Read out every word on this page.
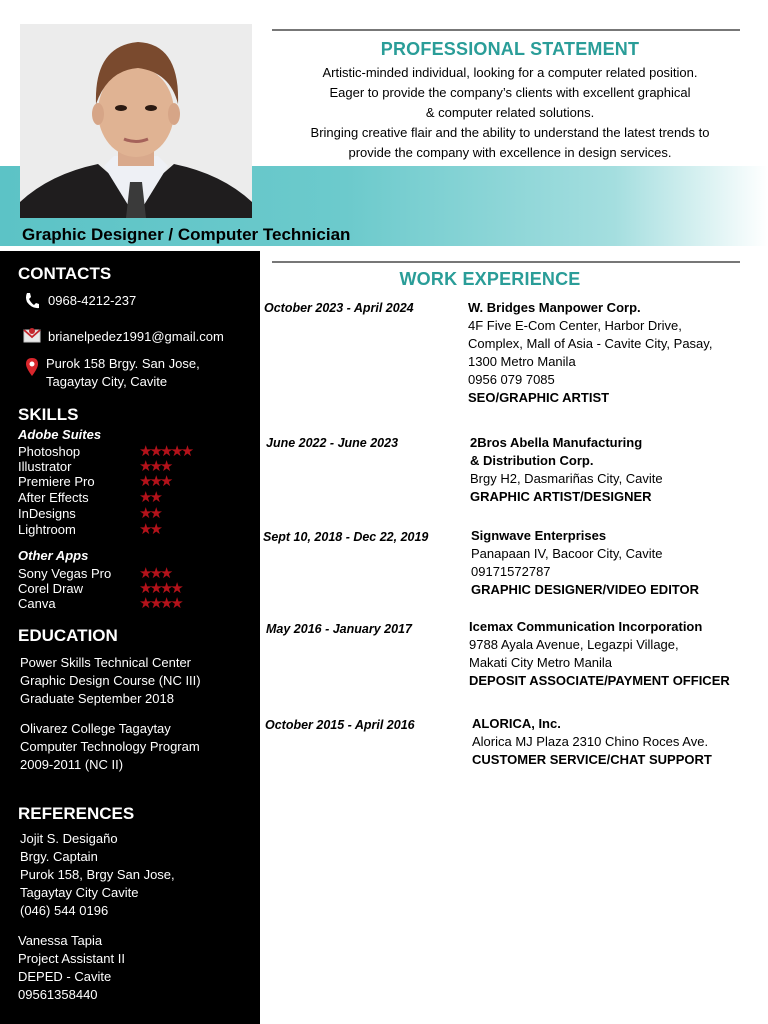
Graphic Designer / Computer Technician
PROFESSIONAL STATEMENT
Artistic-minded individual, looking for a computer related position.
Eager to provide the company’s clients with excellent graphical
& computer related solutions.
Bringing creative flair and the ability to understand the latest trends to
provide the company with excellence in design services.
CONTACTS
0968-4212-237
brianelpedez1991@gmail.com
Purok 158 Brgy. San Jose,
Tagaytay City, Cavite
SKILLS
Adobe Suites
Photoshop	★★★★★
Illustrator	★★★
Premiere Pro	★★★
After Effects	★★
InDesigns	★★
Lightroom	★★
Other Apps
Sony Vegas Pro ★★★
Corel Draw	★★★★
Canva	★★★★
EDUCATION
Power Skills Technical Center
Graphic Design Course (NC III)
Graduate September 2018
Olivarez College Tagaytay
Computer Technology Program
2009-2011 (NC II)
REFERENCES
Jojit S. Desigaño
Brgy. Captain
Purok 158, Brgy San Jose,
Tagaytay City Cavite
(046) 544 0196
Vanessa Tapia
Project Assistant II
DEPED - Cavite
09561358440
WORK EXPERIENCE
October 2023 - April 2024	W. Bridges Manpower Corp.
4F Five E-Com Center, Harbor Drive,
Complex, Mall of Asia - Cavite City, Pasay,
1300 Metro Manila
0956 079 7085
SEO/GRAPHIC ARTIST
June 2022 - June 2023	2Bros Abella Manufacturing
& Distribution Corp.
Brgy H2, Dasmariñas City, Cavite
GRAPHIC ARTIST/DESIGNER
Sept 10, 2018 - Dec 22, 2019	Signwave Enterprises
Panapaan IV, Bacoor City, Cavite
09171572787
GRAPHIC DESIGNER/VIDEO EDITOR
May 2016 - January 2017	Icemax Communication Incorporation
9788 Ayala Avenue, Legazpi Village,
Makati City Metro Manila
DEPOSIT ASSOCIATE/PAYMENT OFFICER
October 2015 - April 2016	ALORICA, Inc.
Alorica MJ Plaza 2310 Chino Roces Ave.
CUSTOMER SERVICE/CHAT SUPPORT
